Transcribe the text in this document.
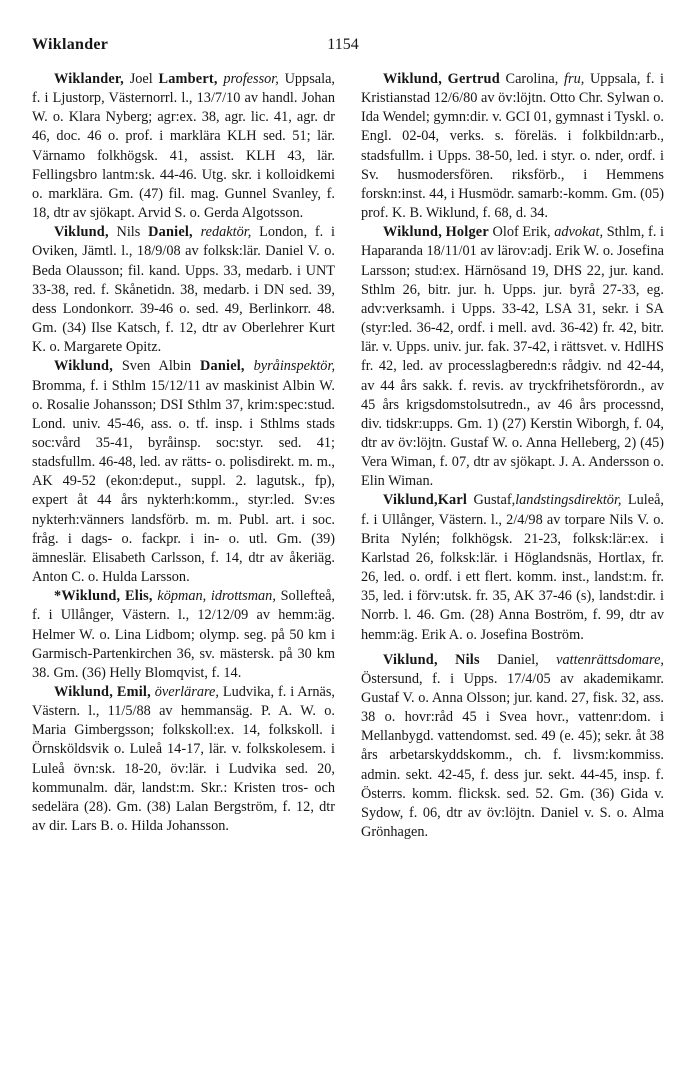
Wiklander	1154

Wiklander, Joel Lambert, professor, Uppsala, f. i Ljustorp, Västernorrl. l., 13/7/10 av handl. Johan W. o. Klara Nyberg; agr:ex. 38, agr. lic. 41, agr. dr 46, doc. 46 o. prof. i marklära KLH sed. 51; lär. Värnamo folkhögsk. 41, assist. KLH 43, lär. Fellingsbro lantm:sk. 44-46. Utg. skr. i kolloidkemi o. marklära. Gm. (47) fil. mag. Gunnel Svanley, f. 18, dtr av sjökapt. Arvid S. o. Gerda Algotsson.

Viklund, Nils Daniel, redaktör, London, f. i Oviken, Jämtl. l., 18/9/08 av folksk:lär. Daniel V. o. Beda Olausson; fil. kand. Upps. 33, medarb. i UNT 33-38, red. f. Skånetidn. 38, medarb. i DN sed. 39, dess Londonkorr. 39-46 o. sed. 49, Berlinkorr. 48. Gm. (34) Ilse Katsch, f. 12, dtr av Oberlehrer Kurt K. o. Margarete Opitz.

Wiklund, Sven Albin Daniel, byråinspektör, Bromma, f. i Sthlm 15/12/11 av maskinist Albin W. o. Rosalie Johansson; DSI Sthlm 37, krim:spec:stud. Lond. univ. 45-46, ass. o. tf. insp. i Sthlms stads soc:vård 35-41, byråinsp. soc:styr. sed. 41; stadsfullm. 46-48, led. av rätts- o. polisdirekt. m. m., AK 49-52 (ekon:deput., suppl. 2. lagutsk., fp), expert åt 44 års nykterh:komm., styr:led. Sv:es nykterh:vänners landsförb. m. m. Publ. art. i soc. fråg. i dags- o. fackpr. i in- o. utl. Gm. (39) ämneslär. Elisabeth Carlsson, f. 14, dtr av åkeriäg. Anton C. o. Hulda Larsson.

*Wiklund, Elis, köpman, idrottsman, Sollefteå, f. i Ullånger, Västern. l., 12/12/09 av hemm:äg. Helmer W. o. Lina Lidbom; olymp. seg. på 50 km i Garmisch-Partenkirchen 36, sv. mästersk. på 30 km 38. Gm. (36) Helly Blomqvist, f. 14.

Wiklund, Emil, överlärare, Ludvika, f. i Arnäs, Västern. l., 11/5/88 av hemmansäg. P. A. W. o. Maria Gimbergsson; folkskoll:ex. 14, folkskoll. i Örnsköldsvik o. Luleå 14-17, lär. v. folkskolesem. i Luleå övn:sk. 18-20, öv:lär. i Ludvika sed. 20, kommunalm. där, landst:m. Skr.: Kristen tros- och sedelära (28). Gm. (38) Lalan Bergström, f. 12, dtr av dir. Lars B. o. Hilda Johansson.

Wiklund, Gertrud Carolina, fru, Uppsala, f. i Kristianstad 12/6/80 av öv:löjtn. Otto Chr. Sylwan o. Ida Wendel; gymn:dir. v. GCI 01, gymnast i Tyskl. o. Engl. 02-04, verks. s. föreläs. i folkbildn:arb., stadsfullm. i Upps. 38-50, led. i styr. o. nder, ordf. i Sv. husmodersfören. riksförb., i Hemmens forskn:inst. 44, i Husmödr. samarb:-komm. Gm. (05) prof. K. B. Wiklund, f. 68, d. 34.

Wiklund, Holger Olof Erik, advokat, Sthlm, f. i Haparanda 18/11/01 av lärov:adj. Erik W. o. Josefina Larsson; stud:ex. Härnösand 19, DHS 22, jur. kand. Sthlm 26, bitr. jur. h. Upps. jur. byrå 27-33, eg. adv:verksamh. i Upps. 33-42, LSA 31, sekr. i SA (styr:led. 36-42, ordf. i mell. avd. 36-42) fr. 42, bitr. lär. v. Upps. univ. jur. fak. 37-42, i rättsvet. v. HdlHS fr. 42, led. av processlagberedn:s rådgiv. nd 42-44, av 44 års sakk. f. revis. av tryckfrihetsförordn., av 45 års krigsdomstolsutredn., av 46 års processnd, div. tidskr:upps. Gm. 1) (27) Kerstin Wiborgh, f. 04, dtr av öv:löjtn. Gustaf W. o. Anna Helleberg, 2) (45) Vera Wiman, f. 07, dtr av sjökapt. J. A. Andersson o. Elin Wiman.

Viklund,Karl Gustaf,landstingsdirektör, Luleå, f. i Ullånger, Västern. l., 2/4/98 av torpare Nils V. o. Brita Nylén; folkhögsk. 21-23, folksk:lär:ex. i Karlstad 26, folksk:lär. i Höglandsnäs, Hortlax, fr. 26, led. o. ordf. i ett flert. komm. inst., landst:m. fr. 35, led. i förv:utsk. fr. 35, AK 37-46 (s), landst:dir. i Norrb. l. 46. Gm. (28) Anna Boström, f. 99, dtr av hemm:äg. Erik A. o. Josefina Boström.

Viklund, Nils Daniel, vattenrättsdomare, Östersund, f. i Upps. 17/4/05 av akademikamr. Gustaf V. o. Anna Olsson; jur. kand. 27, fisk. 32, ass. 38 o. hovr:råd 45 i Svea hovr., vattenr:dom. i Mellanbygd. vattendomst. sed. 49 (e. 45); sekr. åt 38 års arbetarskyddskomm., ch. f. livsm:kommiss. admin. sekt. 42-45, f. dess jur. sekt. 44-45, insp. f. Österrs. komm. flicksk. sed. 52. Gm. (36) Gida v. Sydow, f. 06, dtr av öv:löjtn. Daniel v. S. o. Alma Grönhagen.
